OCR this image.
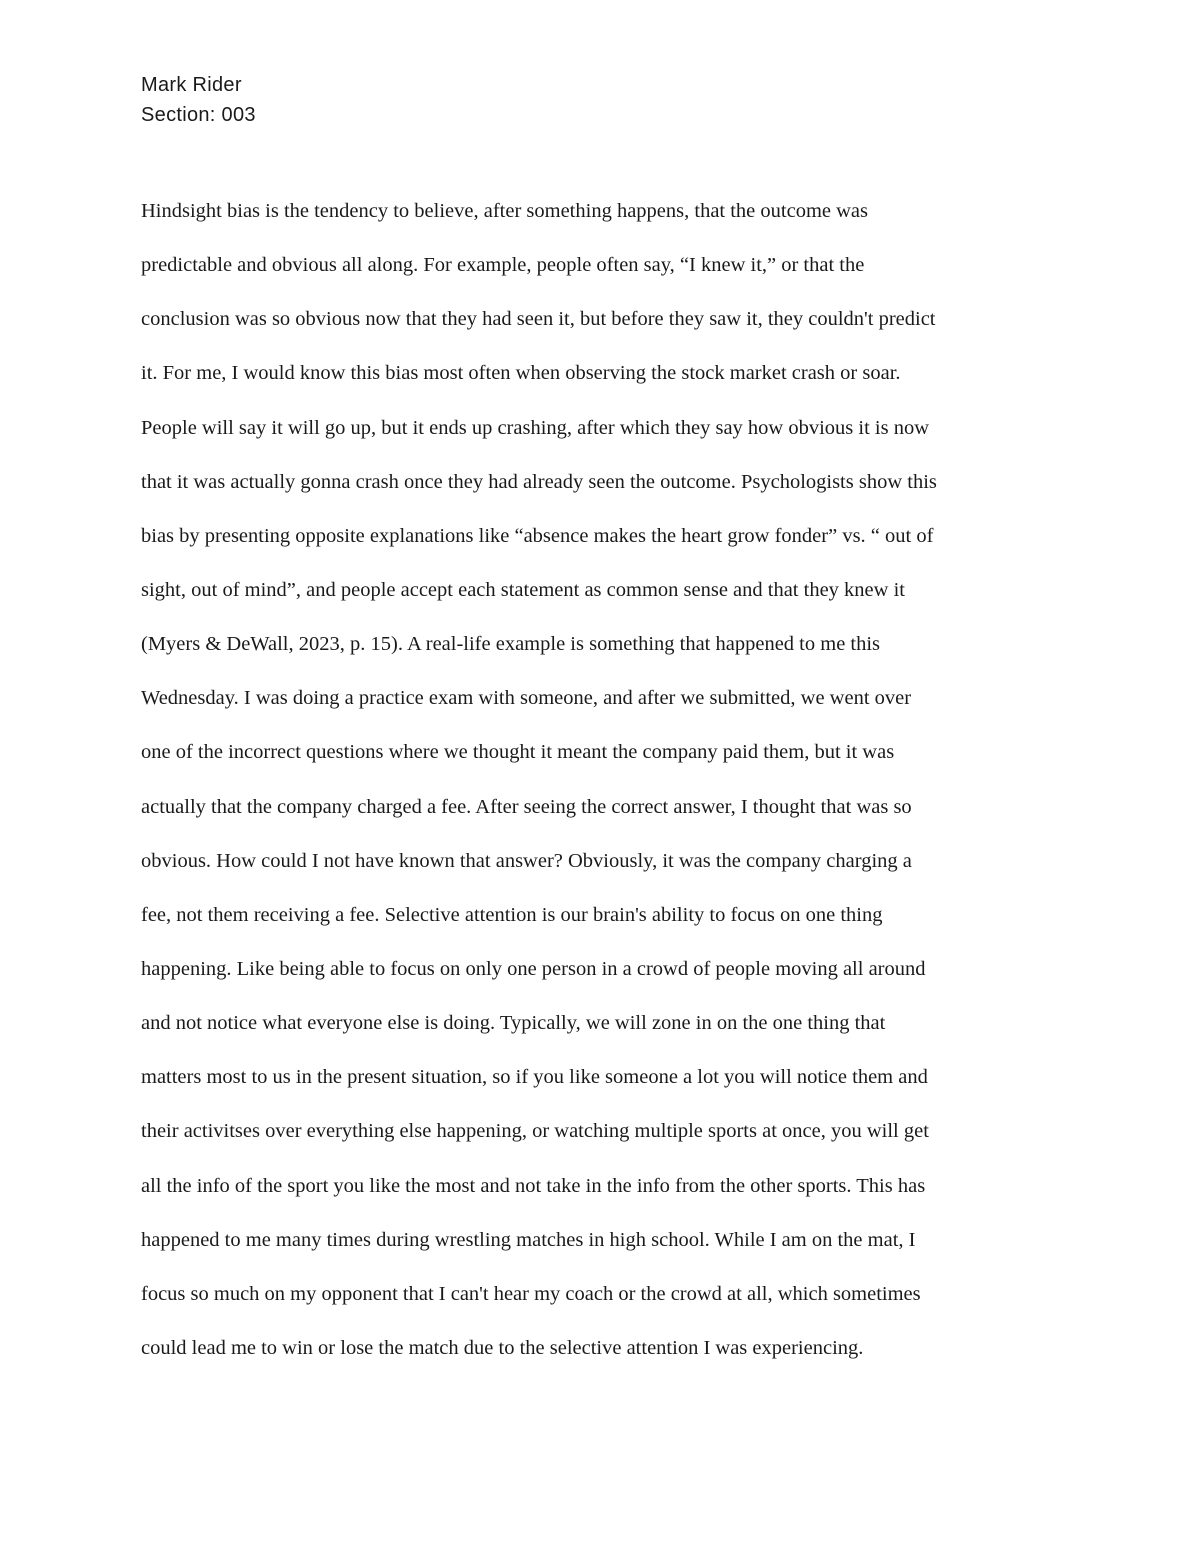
Mark Rider
Section: 003
Hindsight bias is the tendency to believe, after something happens, that the outcome was
predictable and obvious all along. For example, people often say, “I knew it,” or that the
conclusion was so obvious now that they had seen it, but before they saw it, they couldn't predict
it. For me, I would know this bias most often when observing the stock market crash or soar.
People will say it will go up, but it ends up crashing, after which they say how obvious it is now
that it was actually gonna crash once they had already seen the outcome. Psychologists show this
bias by presenting opposite explanations like “absence makes the heart grow fonder” vs. “ out of
sight, out of mind”, and people accept each statement as common sense and that they knew it
(Myers & DeWall, 2023, p. 15). A real-life example is something that happened to me this
Wednesday. I was doing a practice exam with someone, and after we submitted, we went over
one of the incorrect questions where we thought it meant the company paid them, but it was
actually that the company charged a fee. After seeing the correct answer, I thought that was so
obvious. How could I not have known that answer? Obviously, it was the company charging a
fee, not them receiving a fee. Selective attention is our brain's ability to focus on one thing
happening. Like being able to focus on only one person in a crowd of people moving all around
and not notice what everyone else is doing. Typically, we will zone in on the one thing that
matters most to us in the present situation, so if you like someone a lot you will notice them and
their activitses over everything else happening, or watching multiple sports at once, you will get
all the info of the sport you like the most and not take in the info from the other sports. This has
happened to me many times during wrestling matches in high school. While I am on the mat, I
focus so much on my opponent that I can't hear my coach or the crowd at all, which sometimes
could lead me to win or lose the match due to the selective attention I was experiencing.
